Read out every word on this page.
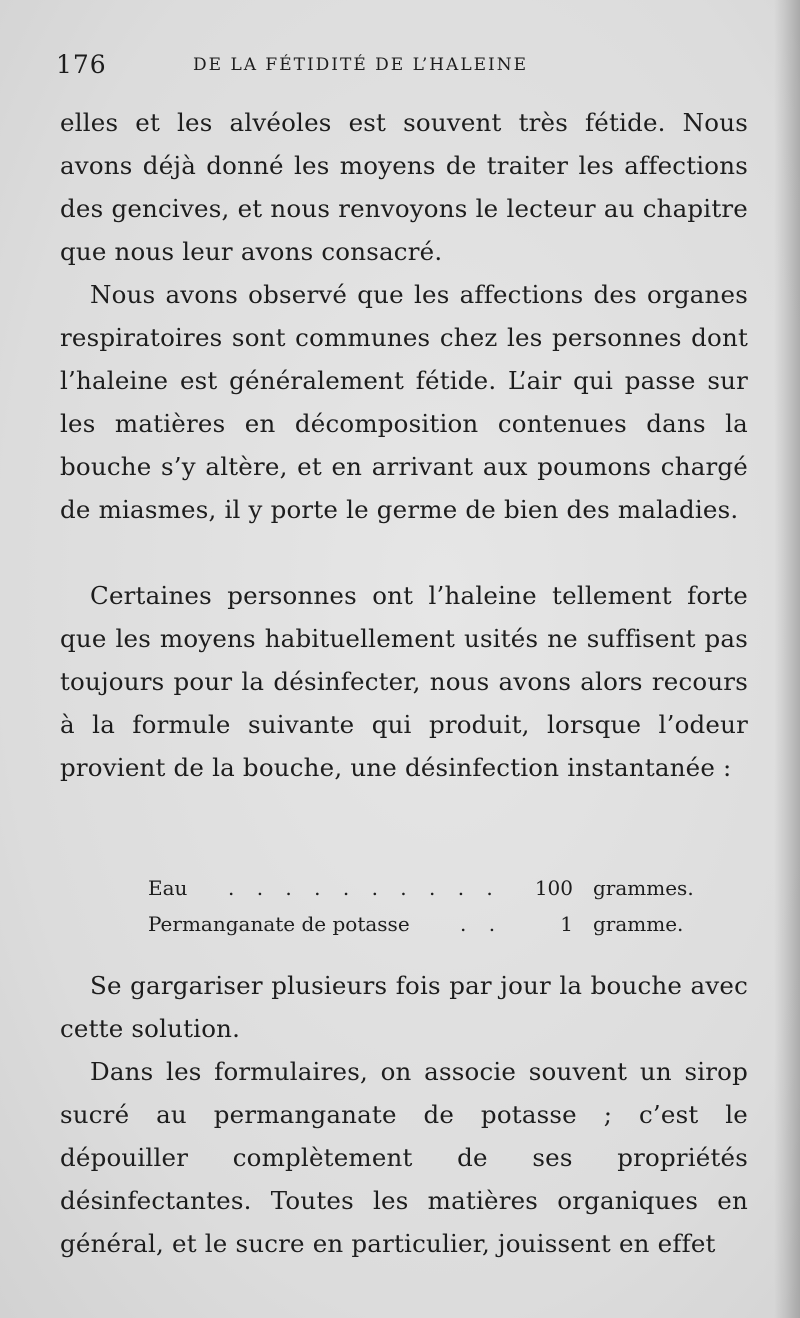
176	DE LA FÉTIDITÉ DE L’HALEINE

elles et les alvéoles est souvent très fétide. Nous avons déjà donné les moyens de traiter les affections des gencives, et nous renvoyons le lecteur au chapitre que nous leur avons consacré.

Nous avons observé que les affections des organes respiratoires sont communes chez les personnes dont l’haleine est généralement fétide. L’air qui passe sur les matières en décomposition contenues dans la bouche s’y altère, et en arrivant aux poumons chargé de miasmes, il y porte le germe de bien des maladies.

Certaines personnes ont l’haleine tellement forte que les moyens habituellement usités ne suffisent pas toujours pour la désinfecter, nous avons alors recours à la formule suivante qui produit, lorsque l’odeur provient de la bouche, une désinfection instantanée :

Eau . . . . . . . . . .	100 grammes.
Permanganate de potasse	. .	1 gramme.

Se gargariser plusieurs fois par jour la bouche avec cette solution.

Dans les formulaires, on associe souvent un sirop sucré au permanganate de potasse ; c’est le dépouiller complètement de ses propriétés désinfectantes. Toutes les matières organiques en général, et le sucre en particulier, jouissent en effet
